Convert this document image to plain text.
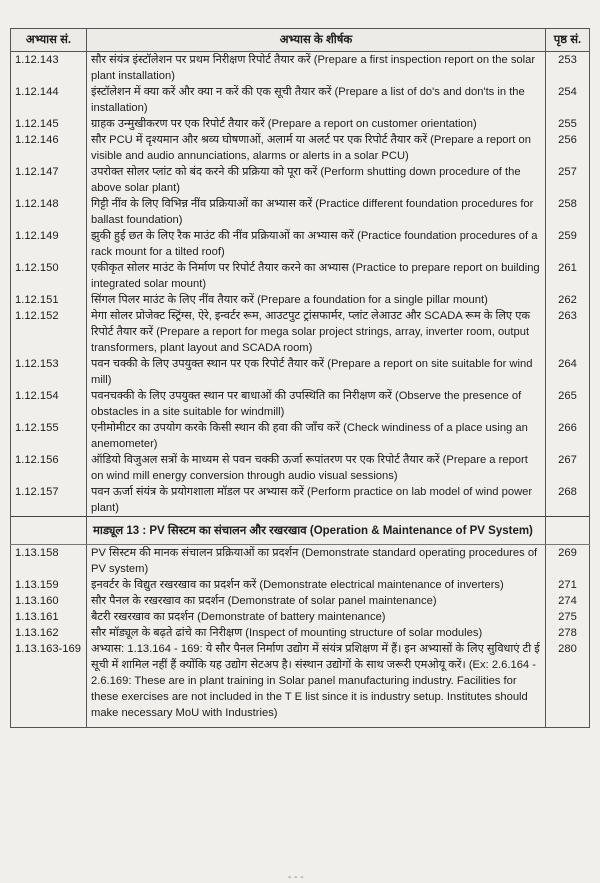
अभ्यास सं.	अभ्यास के शीर्षक	पृष्ठ सं.
1.12.143	सौर संयंत्र इंस्टॉलेशन पर प्रथम निरीक्षण रिपोर्ट तैयार करें (Prepare a first inspection report on the solar plant installation)	253
1.12.144	इंस्टॉलेशन में क्या करें और क्या न करें की एक सूची तैयार करें (Prepare a list of do's and don'ts in the installation)	254
1.12.145	ग्राहक उन्मुखीकरण पर एक रिपोर्ट तैयार करें (Prepare a report on customer orientation)	255
1.12.146	सौर PCU में दृश्यमान और श्रव्य घोषणाओं, अलार्म या अलर्ट पर एक रिपोर्ट तैयार करें (Prepare a report on visible and audio annunciations, alarms or alerts in a solar PCU)	256
1.12.147	उपरोक्त सोलर प्लांट को बंद करने की प्रक्रिया को पूरा करें (Perform shutting down procedure of the above solar plant)	257
1.12.148	गिट्टी नींव के लिए विभिन्न नींव प्रक्रियाओं का अभ्यास करें (Practice different foundation procedures for ballast foundation)	258
1.12.149	झुकी हुई छत के लिए रैक माउंट की नींव प्रक्रियाओं का अभ्यास करें (Practice foundation procedures of a rack mount for a tilted roof)	259
1.12.150	एकीकृत सोलर माउंट के निर्माण पर रिपोर्ट तैयार करने का अभ्यास (Practice to prepare report on building integrated solar mount)	261
1.12.151	सिंगल पिलर माउंट के लिए नींव तैयार करें (Prepare a foundation for a single pillar mount)	262
1.12.152	मेगा सोलर प्रोजेक्ट स्ट्रिंग्स, ऐरे, इन्वर्टर रूम, आउटपुट ट्रांसफार्मर, प्लांट लेआउट और SCADA रूम के लिए एक रिपोर्ट तैयार करें (Prepare a report for mega solar project strings, array, inverter room, output transformers, plant layout and SCADA room)	263
1.12.153	पवन चक्की के लिए उपयुक्त स्थान पर एक रिपोर्ट तैयार करें (Prepare a report on site suitable for wind mill)	264
1.12.154	पवनचक्की के लिए उपयुक्त स्थान पर बाधाओं की उपस्थिति का निरीक्षण करें (Observe the presence of obstacles in a site suitable for windmill)	265
1.12.155	एनीमोमीटर का उपयोग करके किसी स्थान की हवा की जाँच करें (Check windiness of a place using an anemometer)	266
1.12.156	ऑडियो विजुअल सत्रों के माध्यम से पवन चक्की ऊर्जा रूपांतरण पर एक रिपोर्ट तैयार करें (Prepare a report on wind mill energy conversion through audio visual sessions)	267
1.12.157	पवन ऊर्जा संयंत्र के प्रयोगशाला मॉडल पर अभ्यास करें (Perform practice on lab model of wind power plant)	268
	माड्यूल 13 : PV सिस्टम का संचालन और रखरखाव (Operation & Maintenance of PV System)	
1.13.158	PV सिस्टम की मानक संचालन प्रक्रियाओं का प्रदर्शन (Demonstrate standard operating procedures of PV system)	269
1.13.159	इनवर्टर के विद्युत रखरखाव का प्रदर्शन करें (Demonstrate electrical maintenance of inverters)	271
1.13.160	सौर पैनल के रखरखाव का प्रदर्शन (Demonstrate of solar panel maintenance)	274
1.13.161	बैटरी रखरखाव का प्रदर्शन (Demonstrate of battery maintenance)	275
1.13.162	सौर मॉड्यूल के बढ़ते ढांचे का निरीक्षण (Inspect of mounting structure of solar modules)	278
1.13.163-169	अभ्यास: 1.13.164 - 169: ये सौर पैनल निर्माण उद्योग में संयंत्र प्रशिक्षण में हैं। इन अभ्यासों के लिए सुविधाएं टी ई सूची में शामिल नहीं हैं क्योंकि यह उद्योग सेटअप है। संस्थान उद्योगों के साथ जरूरी एमओयू करें। (Ex: 2.6.164 - 2.6.169: These are in plant training in Solar panel manufacturing industry. Facilities for these exercises are not included in the T E list since it is industry setup. Institutes should make necessary MoU with Industries)	280

- - -
